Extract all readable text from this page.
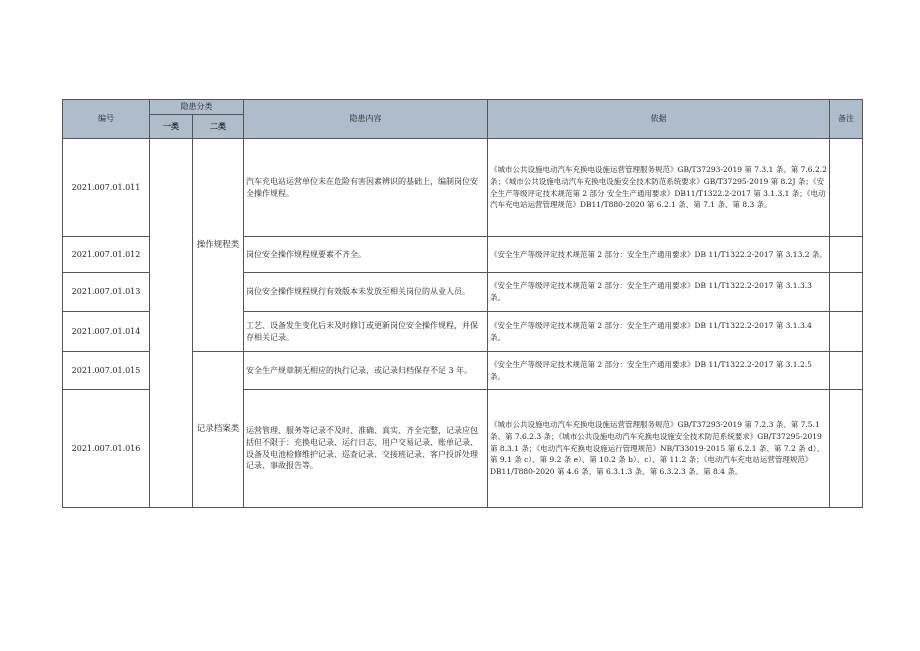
编号	隐患分类		隐患内容	依据	备注
	一类	二类			
2021.007.01.011		操作规程类	汽车充电站运营单位未在危险有害因素辨识的基础上，编制岗位安全操作规程。	《城市公共设施电动汽车充换电设施运营管理服务规范》GB/T37293-2019 第 7.3.1 条、第 7.6.2.2 条；《城市公共设施电动汽车充换电设施安全技术防范系统要求》GB/T37295-2019 第 8.2J 条；《安全生产等级评定技术规范第 2 部分 安全生产通用要求》DB11/T1322.2-2017 第 3.1.3.1 条；《电动汽车充电站运营管理规范》DB11/T880-2020 第 6.2.1 条、第 7.1 条、第 8.3 条。	
2021.007.01.012			岗位安全操作规程规要素不齐全。	《安全生产等级评定技术规范第 2 部分：安全生产通用要求》DB 11/T1322.2-2017 第 3.13.2 条。	
2021.007.01.013			岗位安全操作规程规行有效版本未发放至相关岗位的从业人员。	《安全生产等级评定技术规范第 2 部分：安全生产通用要求》DB 11/T1322.2-2017 第 3.1.3.3 条。	
2021.007.01.014			工艺、设备发生变化后未及时修订或更新岗位安全操作规程，并保存相关记录。	《安全生产等级评定技术规范第 2 部分：安全生产通用要求》DB 11/T1322.2-2017 第 3.1.3.4 条。	
2021.007.01.015		记录档案类	安全生产规章制无相应的执行记录，或记录归档保存不足 3 年。	《安全生产等级评定技术规范第 2 部分：安全生产通用要求》DB 11/T1322.2-2017 第 3.1.2.5 条。	
2021.007.01.016			运营管理、服务等记录不及时、准确、真实、齐全完整，记录应包括但不限于：充换电记录、运行日志、用户交易记录、账单记录、设备及电池检修维护记录、巡查记录、交接班记录、客户投诉处理记录、事故报告等。	《城市公共设施电动汽车充换电设施运营管理服务规范》GB/T37293-2019 第 7.2.3 条、第 7.5.1 条、第 7.6.2.3 条；《城市公共设施电动汽车充换电设施安全技术防范系统要求》GB/T37295-2019 第 8.3.1 条；《电动汽车充换电设施运行管理规范》NB/T33019-2015 第 6.2.1 条、第 7.2 条 d）、第 9.1 条 c）、第 9.2 条 e）、第 10.2 条 b）、c）、第 11.2 条；《电动汽车充电站运营管理规范》DB11/T880-2020 第 4.6 条、第 6.3.1.3 条、第 6.3.2.3 条、第 8.4 条。	
